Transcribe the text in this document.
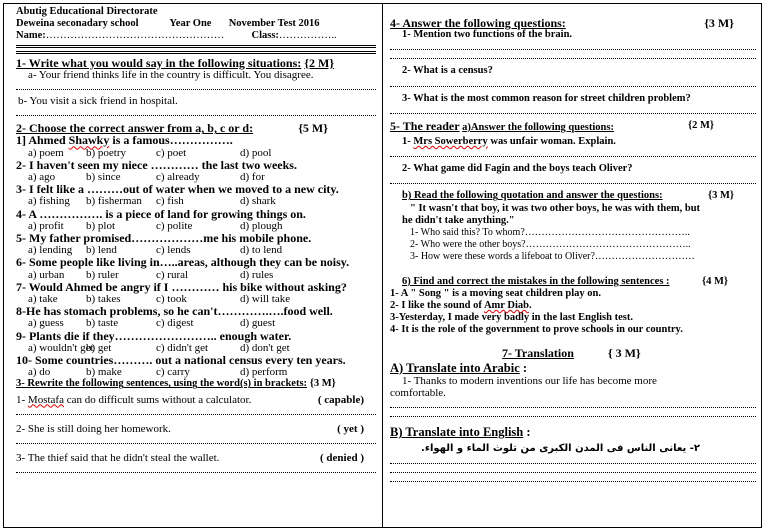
Abutig Educational Directorate
Deweina seconadary school	Year One November Test 2016
Name:……………………………………………	Class:……………..
1- Write what you would say in the following situations: {2 M}
a- Your friend thinks life in the country is difficult. You disagree.
b- You visit a sick friend in hospital.
2- Choose the correct answer from a, b, c or d:	{5 M}
1] Ahmed Shawky is a famous…………….
a) poem	b) poetry	c) poet	d) pool
2- I haven't seen my niece ………… the last two weeks.
a) ago	b) since	c) already	d) for
3- I felt like a ………out of water when we moved to a new city.
a) fishing	b) fisherman	c) fish	d) shark
4- A ……………. is a piece of land for growing things on.
a) profit	b) plot	c) polite	d) plough
5- My father promised………………me his mobile phone.
a) lending	b) lend	c) lends	d) to lend
6- Some people like living in…..areas, although they can be noisy.
a) urban	b) ruler	c) rural	d) rules
7- Would Ahmed be angry if I ………… his bike without asking?
a) take	b) takes	c) took	d) will take
8-He has stomach problems, so he can't………….….food well.
a) guess	b) taste	c) digest	d) guest
9- Plants die if they…………………….. enough water.
a) wouldn't get
b) get	c) didn't get	d) don't get
10- Some countries………. out a national census every ten years.
a) do	b) make	c) carry	d) perform
3- Rewrite the following sentences, using the word(s) in brackets: {3 M}
1- Mostafa can do difficult sums without a calculator.	( capable)
2- She is still doing her homework.	( yet )
3- The thief said that he didn't steal the wallet.	( denied )
4- Answer the following questions:	{3 M}
1- Mention two functions of the brain.
2- What is a census?
3- What is the most common reason for street children problem?
5- The reader a)Answer the following questions:	{2 M}
1- Mrs Sowerberry was unfair woman. Explain.
2- What game did Fagin and the boys teach Oliver?
b) Read the following quotation and answer the questions:	{3 M}
" It wasn't that boy, it was two other boys, he was with them, but
he didn't take anything."
1- Who said this? To whom?…………………………………………..
2- Who were the other boys?…………………………………………..
3- How were these words a lifeboat to Oliver?…………………………
6) Find and correct the mistakes in the following sentences :	{4 M}
1- A " Song " is a moving seat children play on.
2- I like the sound of Amr Diab.
3-Yesterday, I made very badly in the last English test.
4- It is the role of the government to prove schools in our country.
7- Translation	{ 3 M}
A) Translate into Arabic :
1- Thanks to modern inventions our life has become more
comfortable.
B) Translate into English :
٢- يعانى الناس فى المدن الكبرى من تلوث الماء و الهواء.
